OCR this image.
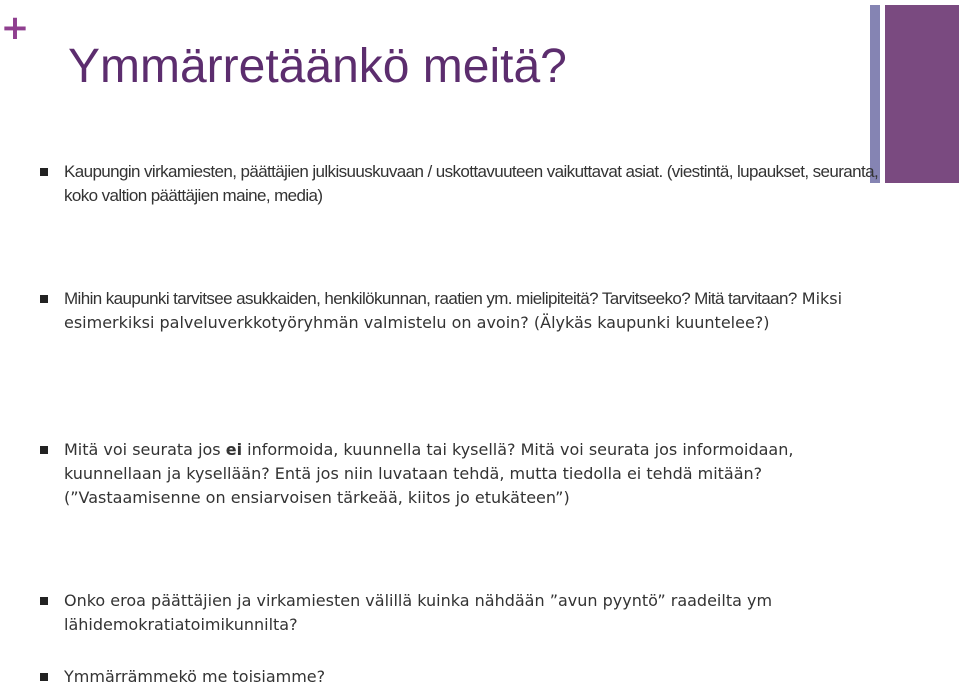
+
Ymmärretäänkö meitä?
Kaupungin virkamiesten, päättäjien julkisuuskuvaan / uskottavuuteen vaikuttavat asiat. (viestintä, lupaukset, seuranta, koko valtion päättäjien maine, media)
Mihin kaupunki tarvitsee asukkaiden, henkilökunnan, raatien ym. mielipiteitä? Tarvitseeko? Mitä tarvitaan? Miksi esimerkiksi palveluverkkotyöryhmän valmistelu on avoin? (Älykäs kaupunki kuuntelee?)
Mitä voi seurata jos ei informoida, kuunnella tai kysellä? Mitä voi seurata jos informoidaan, kuunnellaan ja kysellään? Entä jos niin luvataan tehdä, mutta tiedolla ei tehdä mitään? (”Vastaamisenne on ensiarvoisen tärkeää, kiitos jo etukäteen”)
Onko eroa päättäjien ja virkamiesten välillä kuinka nähdään ”avun pyyntö” raadeilta ym lähidemokratiatoimikunnilta?
Ymmärrämmekö me toisiamme?
